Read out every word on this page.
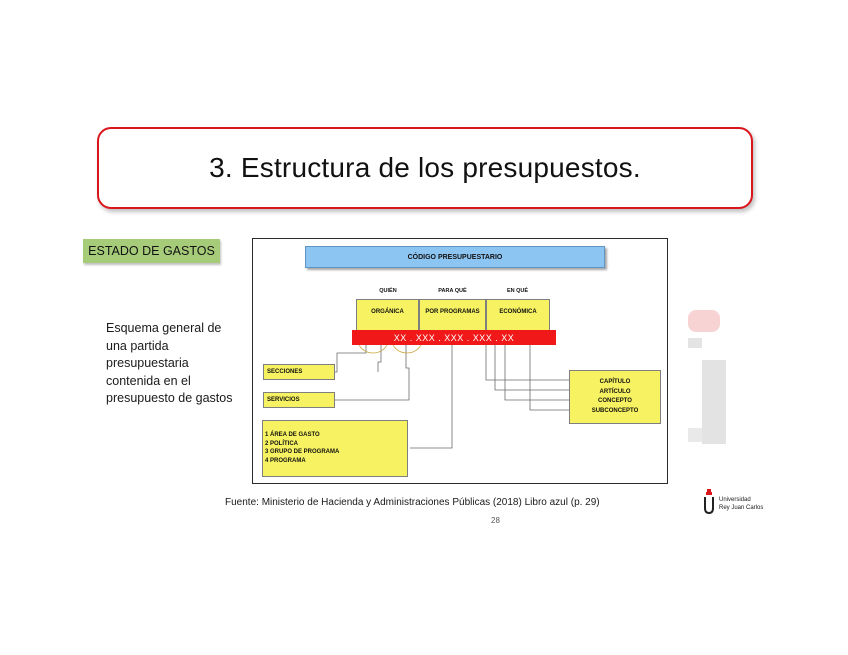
3. Estructura de los presupuestos.
ESTADO DE GASTOS
Esquema general de una partida presupuestaria contenida en el presupuesto de gastos
CÓDIGO PRESUPUESTARIO
QUIÉN	PARA QUÉ	EN QUÉ
ORGÁNICA	POR PROGRAMAS	ECONÓMICA
XX . XXX . XXX . XXX . XX
SECCIONES
SERVICIOS
1 ÁREA DE GASTO
2 POLÍTICA
3 GRUPO DE PROGRAMA
4 PROGRAMA
CAPÍTULO
ARTÍCULO
CONCEPTO
SUBCONCEPTO
Fuente: Ministerio de Hacienda y Administraciones Públicas (2018) Libro azul (p. 29)
28
Universidad
Rey Juan Carlos
